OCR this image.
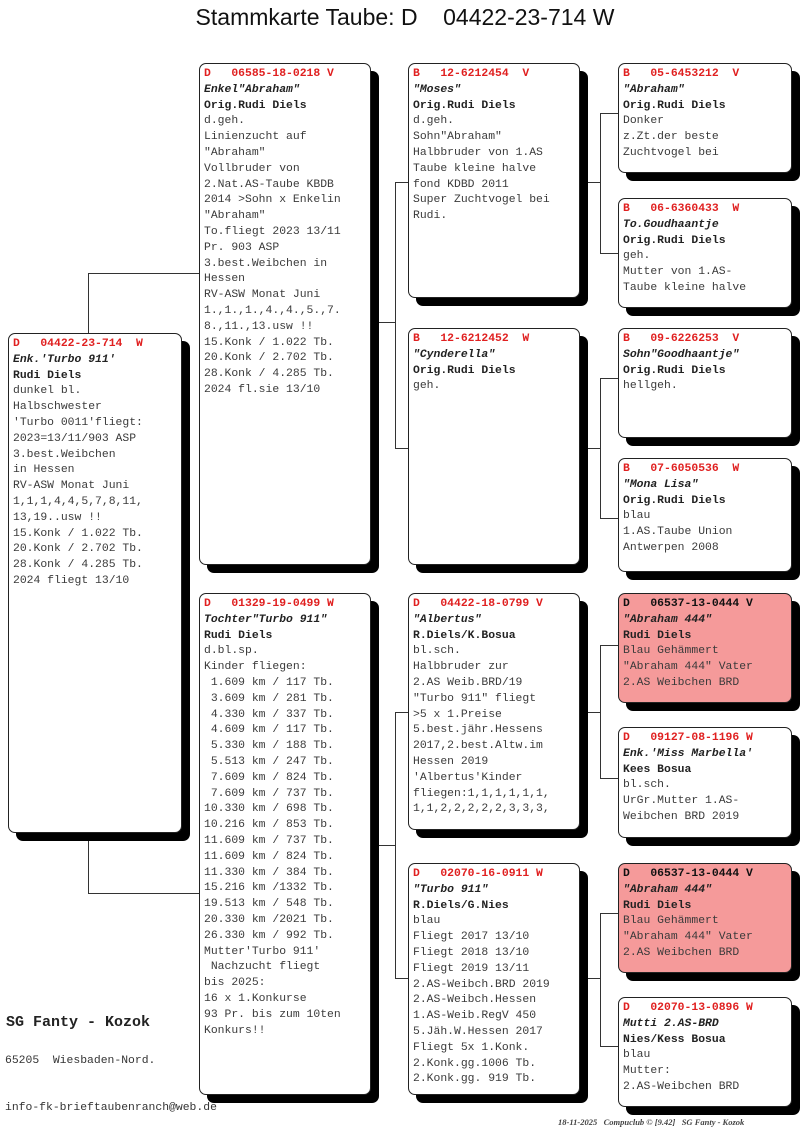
Stammkarte Taube: D    04422-23-714 W
D   04422-23-714  W
Enk.'Turbo 911'
Rudi Diels
dunkel bl.
Halbschwester
'Turbo 0011'fliegt:
2023=13/11/903 ASP
3.best.Weibchen
in Hessen
RV-ASW Monat Juni
1,1,1,4,4,5,7,8,11,
13,19..usw !!
15.Konk / 1.022 Tb.
20.Konk / 2.702 Tb.
28.Konk / 4.285 Tb.
2024 fliegt 13/10
D   06585-18-0218 V
Enkel"Abraham"
Orig.Rudi Diels
d.geh.
Linienzucht auf
"Abraham"
Vollbruder von
2.Nat.AS-Taube KBDB
2014 >Sohn x Enkelin
"Abraham"
To.fliegt 2023 13/11
Pr. 903 ASP
3.best.Weibchen in
Hessen
RV-ASW Monat Juni
1.,1.,1.,4.,4.,5.,7.
8.,11.,13.usw !!
15.Konk / 1.022 Tb.
20.Konk / 2.702 Tb.
28.Konk / 4.285 Tb.
2024 fl.sie 13/10
D   01329-19-0499 W
Tochter"Turbo 911"
Rudi Diels
d.bl.sp.
Kinder fliegen:
1.609 km / 117 Tb.
3.609 km / 281 Tb.
4.330 km / 337 Tb.
4.609 km / 117 Tb.
5.330 km / 188 Tb.
5.513 km / 247 Tb.
7.609 km / 824 Tb.
7.609 km / 737 Tb.
10.330 km / 698 Tb.
10.216 km / 853 Tb.
11.609 km / 737 Tb.
11.609 km / 824 Tb.
11.330 km / 384 Tb.
15.216 km /1332 Tb.
19.513 km / 548 Tb.
20.330 km /2021 Tb.
26.330 km / 992 Tb.
Mutter'Turbo 911'
Nachzucht fliegt
bis 2025:
16 x 1.Konkurse
93 Pr. bis zum 10ten
Konkurs!!
B   12-6212454  V
"Moses"
Orig.Rudi Diels
d.geh.
Sohn"Abraham"
Halbbruder von 1.AS
Taube kleine halve
fond KDBD 2011
Super Zuchtvogel bei
Rudi.
B   12-6212452  W
"Cynderella"
Orig.Rudi Diels
geh.
D   04422-18-0799 V
"Albertus"
R.Diels/K.Bosua
bl.sch.
Halbbruder zur
2.AS Weib.BRD/19
"Turbo 911" fliegt
>5 x 1.Preise
5.best.jähr.Hessens
2017,2.best.Altw.im
Hessen 2019
'Albertus'Kinder
fliegen:1,1,1,1,1,1,
1,1,2,2,2,2,2,3,3,3,
D   02070-16-0911 W
"Turbo 911"
R.Diels/G.Nies
blau
Fliegt 2017 13/10
Fliegt 2018 13/10
Fliegt 2019 13/11
2.AS-Weibch.BRD 2019
2.AS-Weibch.Hessen
1.AS-Weib.RegV 450
5.Jäh.W.Hessen 2017
Fliegt 5x 1.Konk.
2.Konk.gg.1006 Tb.
2.Konk.gg. 919 Tb.
B   05-6453212  V
"Abraham"
Orig.Rudi Diels
Donker
z.Zt.der beste
Zuchtvogel bei
B   06-6360433  W
To.Goudhaantje
Orig.Rudi Diels
geh.
Mutter von 1.AS-
Taube kleine halve
B   09-6226253  V
Sohn"Goodhaantje"
Orig.Rudi Diels
hellgeh.
B   07-6050536  W
"Mona Lisa"
Orig.Rudi Diels
blau
1.AS.Taube Union
Antwerpen 2008
D   06537-13-0444 V
"Abraham 444"
Rudi Diels
Blau Gehämmert
"Abraham 444" Vater
2.AS Weibchen BRD
D   09127-08-1196 W
Enk.'Miss Marbella'
Kees Bosua
bl.sch.
UrGr.Mutter 1.AS-
Weibchen BRD 2019
D   06537-13-0444 V
"Abraham 444"
Rudi Diels
Blau Gehämmert
"Abraham 444" Vater
2.AS Weibchen BRD
D   02070-13-0896 W
Mutti 2.AS-BRD
Nies/Kess Bosua
blau
Mutter:
2.AS-Weibchen BRD
SG Fanty - Kozok
65205  Wiesbaden-Nord.
info-fk-brieftaubenranch@web.de
18-11-2025   Compuclub © [9.42]   SG Fanty - Kozok
